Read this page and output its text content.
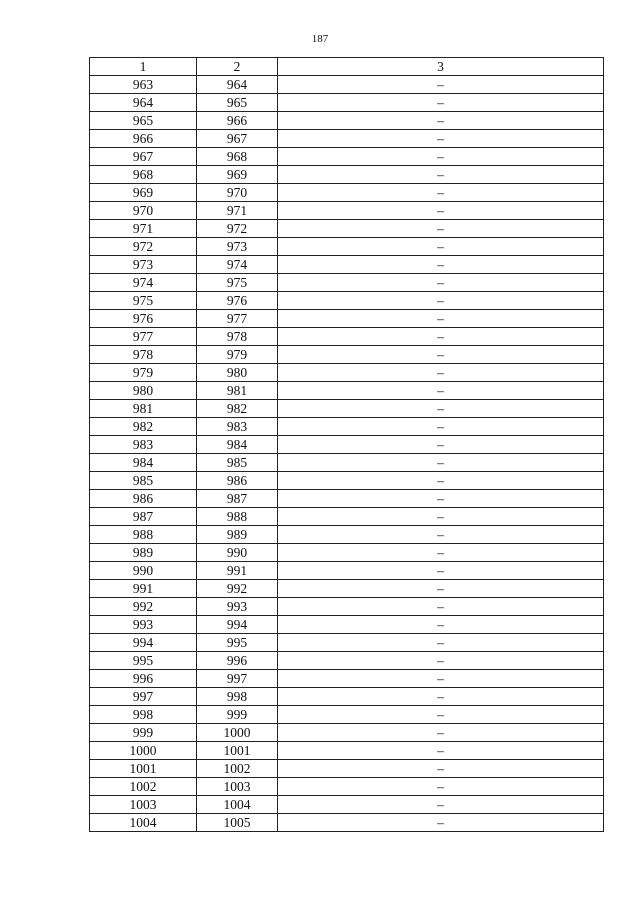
187
1	2	3
963	964	–
964	965	–
965	966	–
966	967	–
967	968	–
968	969	–
969	970	–
970	971	–
971	972	–
972	973	–
973	974	–
974	975	–
975	976	–
976	977	–
977	978	–
978	979	–
979	980	–
980	981	–
981	982	–
982	983	–
983	984	–
984	985	–
985	986	–
986	987	–
987	988	–
988	989	–
989	990	–
990	991	–
991	992	–
992	993	–
993	994	–
994	995	–
995	996	–
996	997	–
997	998	–
998	999	–
999	1000	–
1000	1001	–
1001	1002	–
1002	1003	–
1003	1004	–
1004	1005	–
